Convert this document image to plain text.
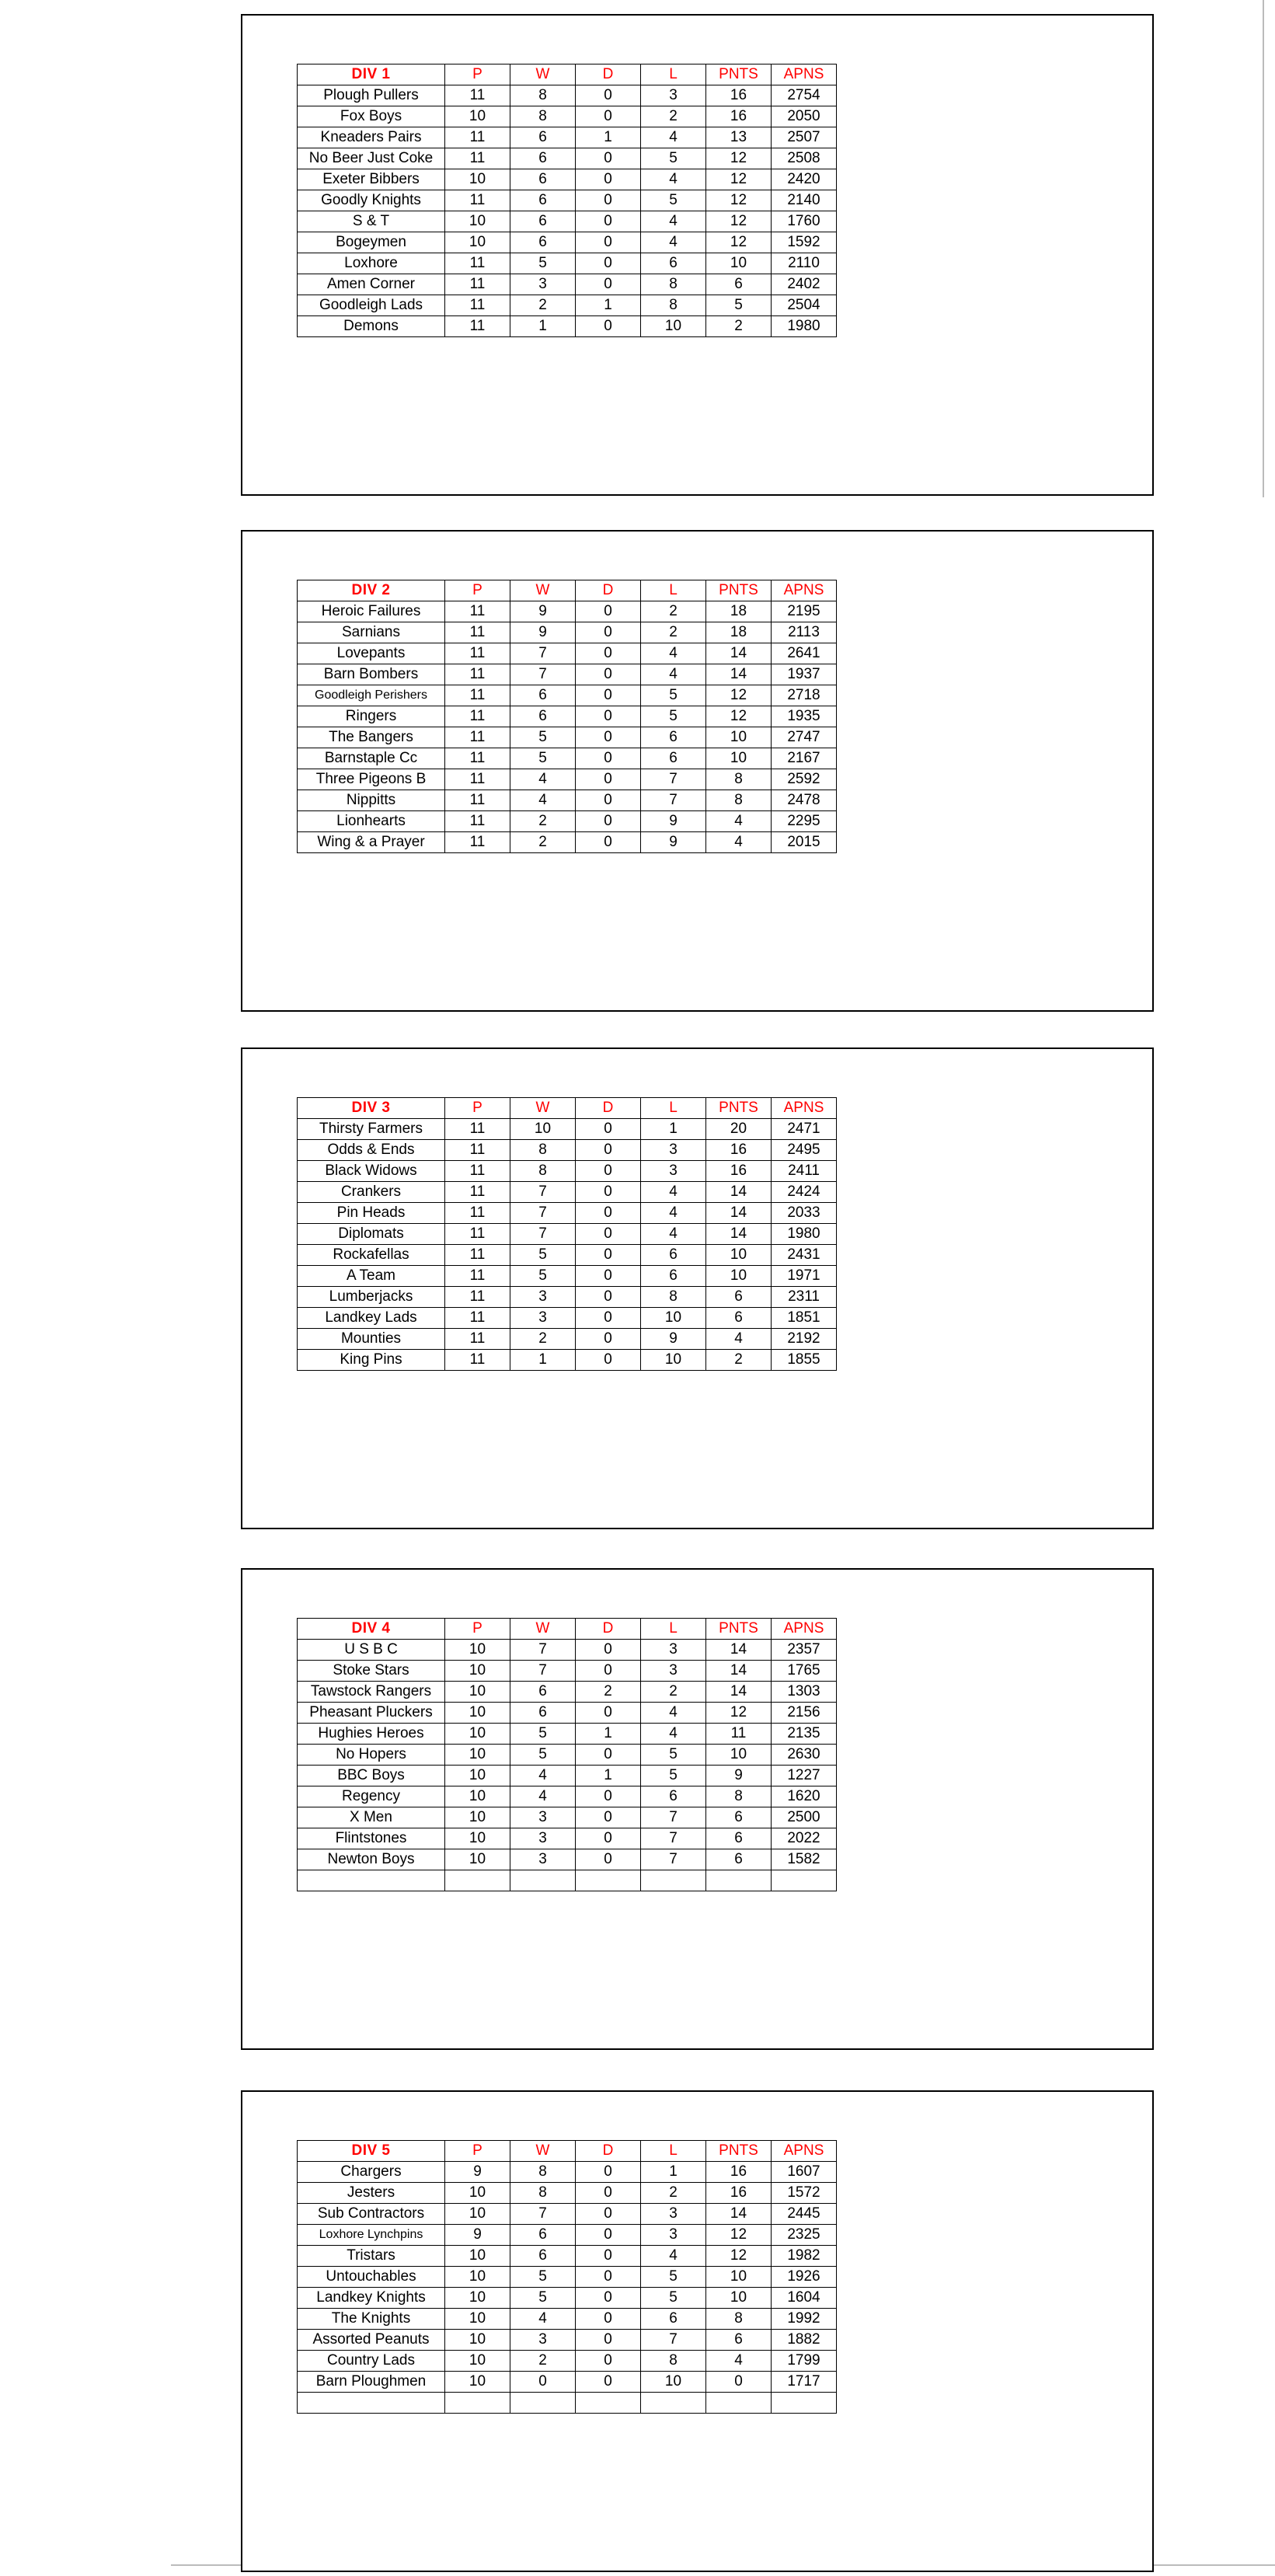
DIV 1	P	W	D	L	PNTS	APNS
Plough Pullers	11	8	0	3	16	2754
Fox Boys	10	8	0	2	16	2050
Kneaders Pairs	11	6	1	4	13	2507
No Beer Just Coke	11	6	0	5	12	2508
Exeter Bibbers	10	6	0	4	12	2420
Goodly Knights	11	6	0	5	12	2140
S & T	10	6	0	4	12	1760
Bogeymen	10	6	0	4	12	1592
Loxhore	11	5	0	6	10	2110
Amen Corner	11	3	0	8	6	2402
Goodleigh Lads	11	2	1	8	5	2504
Demons	11	1	0	10	2	1980
DIV 2	P	W	D	L	PNTS	APNS
Heroic Failures	11	9	0	2	18	2195
Sarnians	11	9	0	2	18	2113
Lovepants	11	7	0	4	14	2641
Barn Bombers	11	7	0	4	14	1937
Goodleigh Perishers	11	6	0	5	12	2718
Ringers	11	6	0	5	12	1935
The Bangers	11	5	0	6	10	2747
Barnstaple Cc	11	5	0	6	10	2167
Three Pigeons B	11	4	0	7	8	2592
Nippitts	11	4	0	7	8	2478
Lionhearts	11	2	0	9	4	2295
Wing & a Prayer	11	2	0	9	4	2015
DIV 3	P	W	D	L	PNTS	APNS
Thirsty Farmers	11	10	0	1	20	2471
Odds & Ends	11	8	0	3	16	2495
Black Widows	11	8	0	3	16	2411
Crankers	11	7	0	4	14	2424
Pin Heads	11	7	0	4	14	2033
Diplomats	11	7	0	4	14	1980
Rockafellas	11	5	0	6	10	2431
A Team	11	5	0	6	10	1971
Lumberjacks	11	3	0	8	6	2311
Landkey Lads	11	3	0	10	6	1851
Mounties	11	2	0	9	4	2192
King Pins	11	1	0	10	2	1855
DIV 4	P	W	D	L	PNTS	APNS
U S B C	10	7	0	3	14	2357
Stoke Stars	10	7	0	3	14	1765
Tawstock Rangers	10	6	2	2	14	1303
Pheasant Pluckers	10	6	0	4	12	2156
Hughies Heroes	10	5	1	4	11	2135
No Hopers	10	5	0	5	10	2630
BBC Boys	10	4	1	5	9	1227
Regency	10	4	0	6	8	1620
X Men	10	3	0	7	6	2500
Flintstones	10	3	0	7	6	2022
Newton Boys	10	3	0	7	6	1582

DIV 5	P	W	D	L	PNTS	APNS
Chargers	9	8	0	1	16	1607
Jesters	10	8	0	2	16	1572
Sub Contractors	10	7	0	3	14	2445
Loxhore Lynchpins	9	6	0	3	12	2325
Tristars	10	6	0	4	12	1982
Untouchables	10	5	0	5	10	1926
Landkey Knights	10	5	0	5	10	1604
The Knights	10	4	0	6	8	1992
Assorted Peanuts	10	3	0	7	6	1882
Country Lads	10	2	0	8	4	1799
Barn Ploughmen	10	0	0	10	0	1717
